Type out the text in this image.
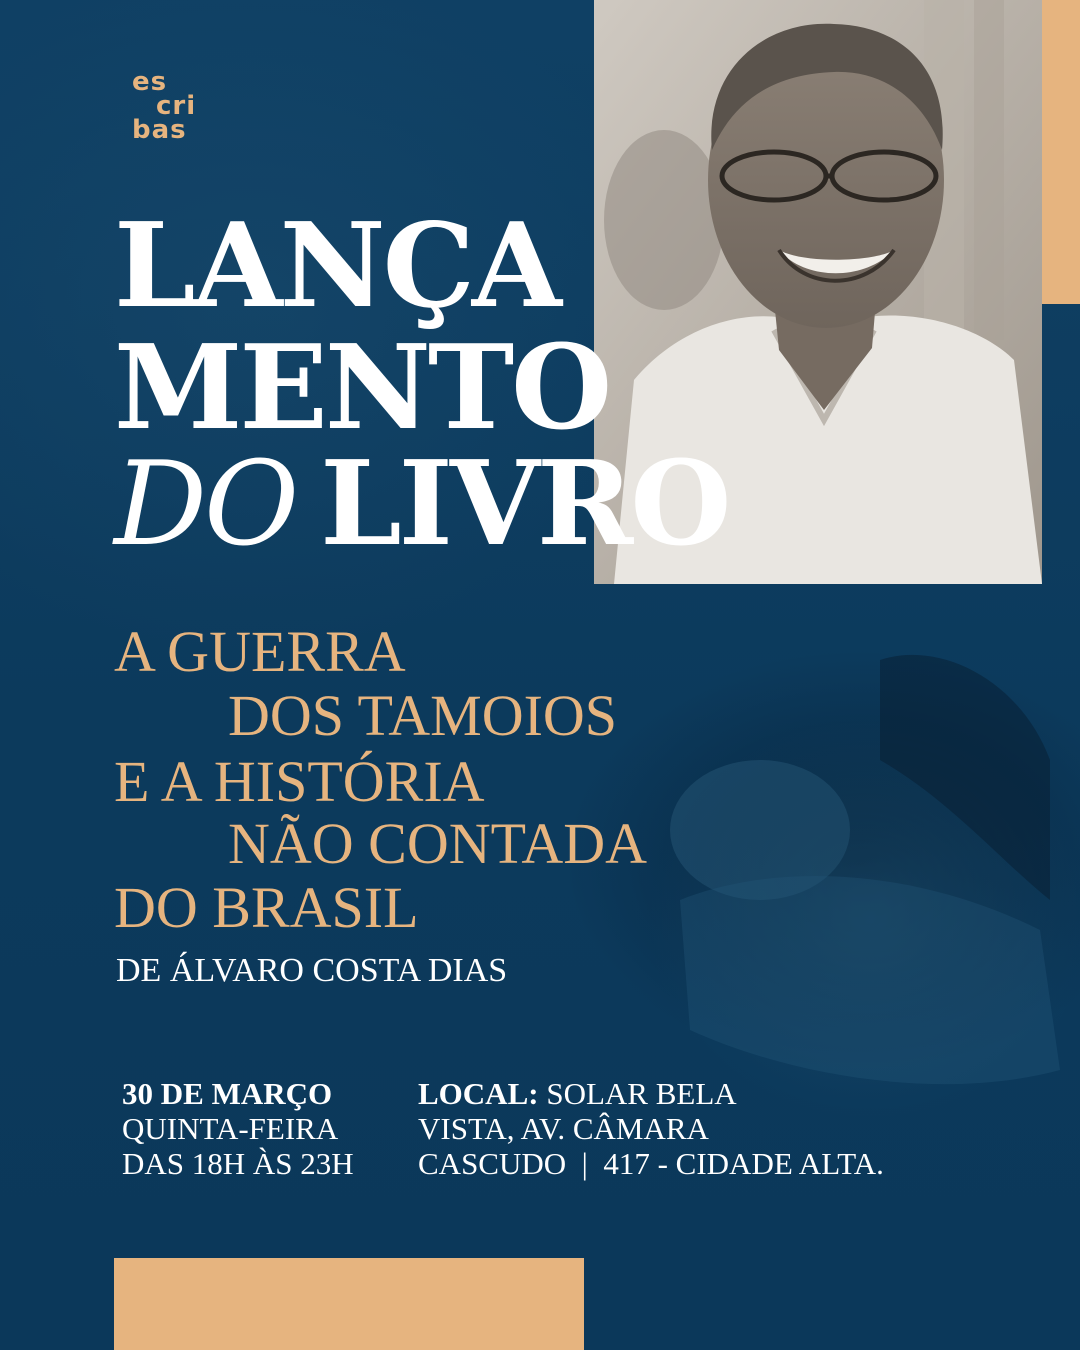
es
cri
bas
LANÇA
MENTO
DO LIVRO
A GUERRA
DOS TAMOIOS
E A HISTÓRIA
NÃO CONTADA
DO BRASIL
DE ÁLVARO COSTA DIAS
30 DE MARÇO
QUINTA-FEIRA
DAS 18H ÀS 23H
LOCAL: SOLAR BELA
VISTA, AV. CÂMARA
CASCUDO  |  417 - CIDADE ALTA.
